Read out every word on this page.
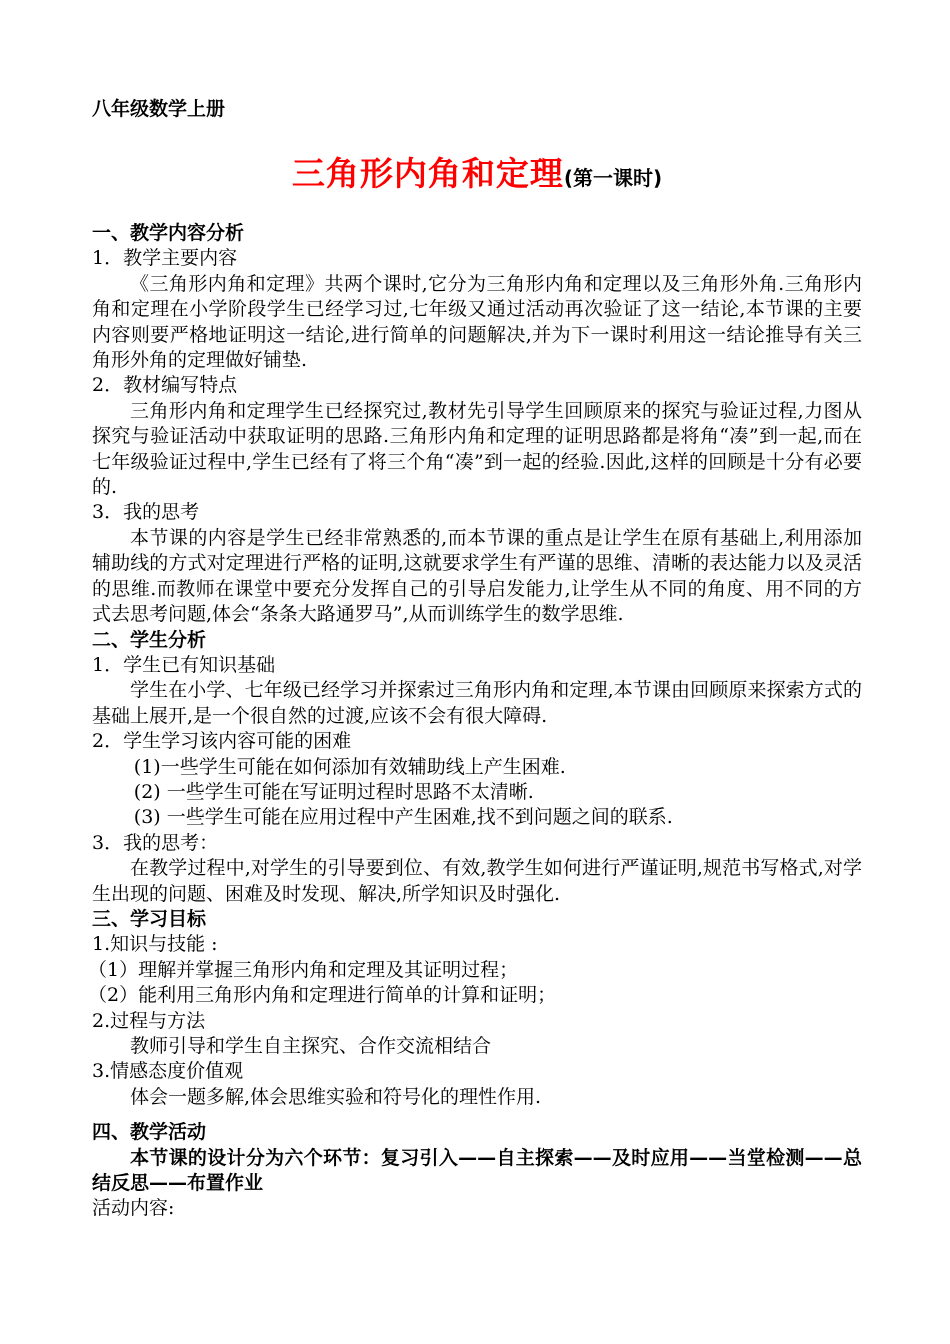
八年级数学上册
三角形内角和定理(第一课时)
一、教学内容分析
1．教学主要内容
《三角形内角和定理》共两个课时,它分为三角形内角和定理以及三角形外角.三角形内角和定理在小学阶段学生已经学习过,七年级又通过活动再次验证了这一结论,本节课的主要内容则要严格地证明这一结论,进行简单的问题解决,并为下一课时利用这一结论推导有关三角形外角的定理做好铺垫.
2．教材编写特点
三角形内角和定理学生已经探究过,教材先引导学生回顾原来的探究与验证过程,力图从探究与验证活动中获取证明的思路.三角形内角和定理的证明思路都是将角“凑”到一起,而在七年级验证过程中,学生已经有了将三个角“凑”到一起的经验.因此,这样的回顾是十分有必要的.
3．我的思考
本节课的内容是学生已经非常熟悉的,而本节课的重点是让学生在原有基础上,利用添加辅助线的方式对定理进行严格的证明,这就要求学生有严谨的思维、清晰的表达能力以及灵活的思维.而教师在课堂中要充分发挥自己的引导启发能力,让学生从不同的角度、用不同的方式去思考问题,体会“条条大路通罗马”,从而训练学生的数学思维.
二、学生分析
1．学生已有知识基础
学生在小学、七年级已经学习并探索过三角形内角和定理,本节课由回顾原来探索方式的基础上展开,是一个很自然的过渡,应该不会有很大障碍.
2．学生学习该内容可能的困难
(1)一些学生可能在如何添加有效辅助线上产生困难.
(2) 一些学生可能在写证明过程时思路不太清晰.
(3) 一些学生可能在应用过程中产生困难,找不到问题之间的联系.
3．我的思考：
在教学过程中,对学生的引导要到位、有效,教学生如何进行严谨证明,规范书写格式,对学生出现的问题、困难及时发现、解决,所学知识及时强化.
三、学习目标
1.知识与技能 :
（1）理解并掌握三角形内角和定理及其证明过程；
（2）能利用三角形内角和定理进行简单的计算和证明；
2.过程与方法
教师引导和学生自主探究、合作交流相结合
3.情感态度价值观
体会一题多解,体会思维实验和符号化的理性作用.
四、教学活动
本节课的设计分为六个环节：复习引入——自主探索——及时应用——当堂检测——总结反思——布置作业
活动内容:
